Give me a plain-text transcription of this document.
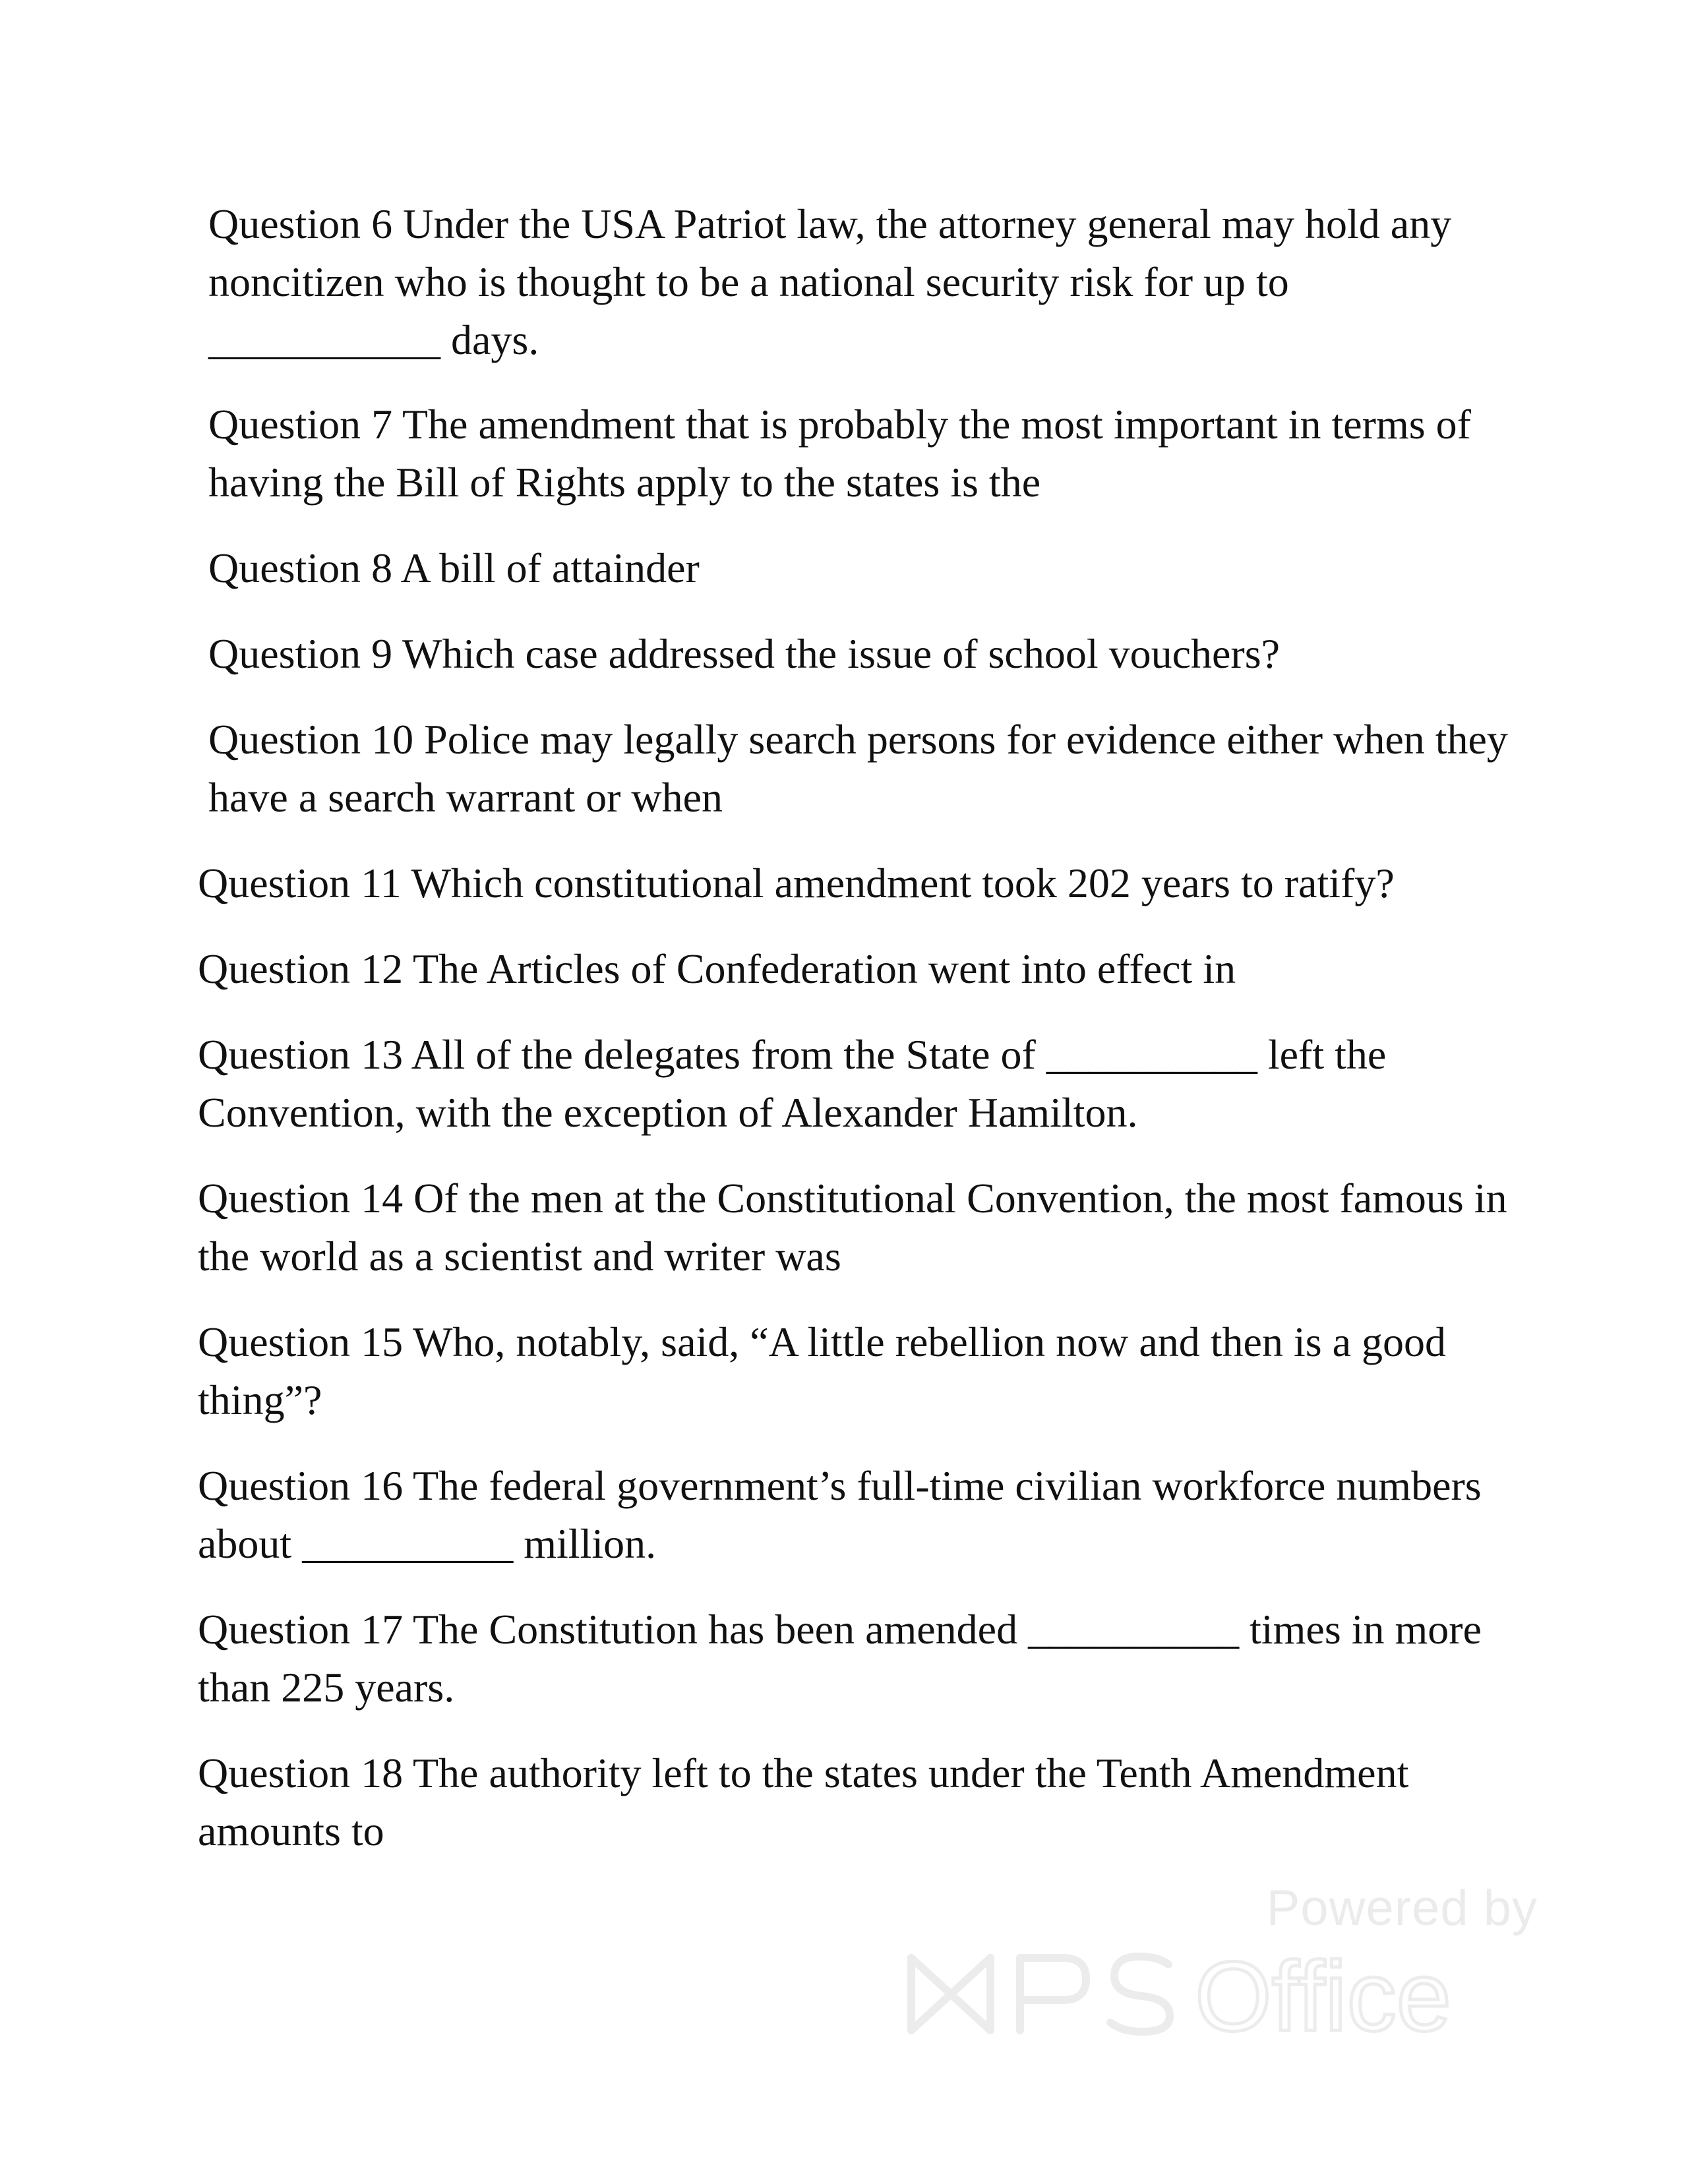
Question 6 Under the USA Patriot law, the attorney general may hold any noncitizen who is thought to be a national security risk for up to ___________ days.

Question 7 The amendment that is probably the most important in terms of having the Bill of Rights apply to the states is the

Question 8 A bill of attainder

Question 9 Which case addressed the issue of school vouchers?

Question 10 Police may legally search persons for evidence either when they have a search warrant or when

Question 11 Which constitutional amendment took 202 years to ratify?

Question 12 The Articles of Confederation went into effect in

Question 13 All of the delegates from the State of __________ left the Convention, with the exception of Alexander Hamilton.

Question 14 Of the men at the Constitutional Convention, the most famous in the world as a scientist and writer was

Question 15 Who, notably, said, “A little rebellion now and then is a good thing”?

Question 16 The federal government’s full-time civilian workforce numbers about __________ million.

Question 17 The Constitution has been amended __________ times in more than 225 years.

Question 18 The authority left to the states under the Tenth Amendment amounts to

Powered by
Office
